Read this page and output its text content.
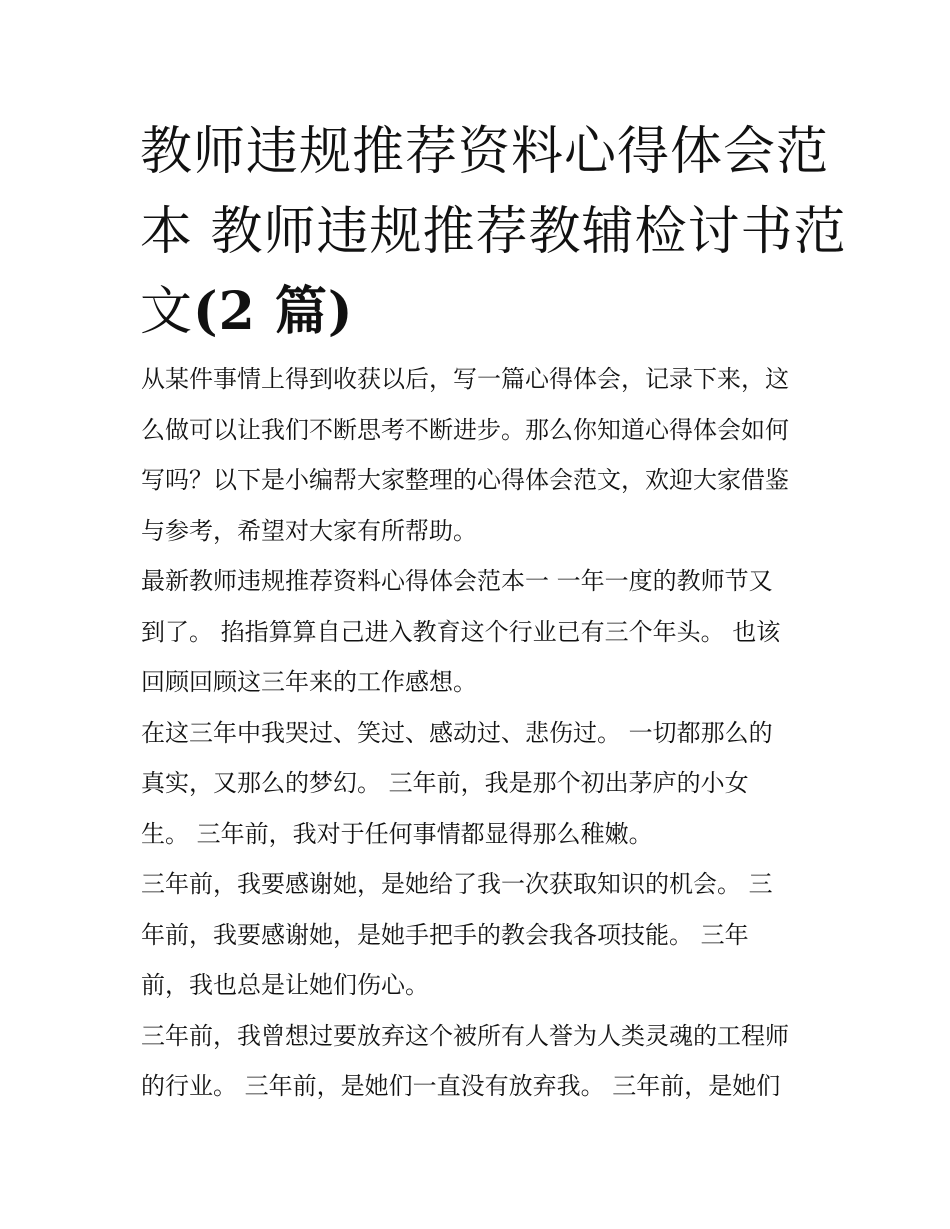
教师违规推荐资料心得体会范
本 教师违规推荐教辅检讨书范
文(2 篇)
从某件事情上得到收获以后，写一篇心得体会，记录下来，这
么做可以让我们不断思考不断进步。那么你知道心得体会如何
写吗？以下是小编帮大家整理的心得体会范文，欢迎大家借鉴
与参考，希望对大家有所帮助。
最新教师违规推荐资料心得体会范本一 一年一度的教师节又
到了。 掐指算算自己进入教育这个行业已有三个年头。 也该
回顾回顾这三年来的工作感想。
在这三年中我哭过、笑过、感动过、悲伤过。 一切都那么的
真实，又那么的梦幻。 三年前，我是那个初出茅庐的小女
生。 三年前，我对于任何事情都显得那么稚嫩。
三年前，我要感谢她，是她给了我一次获取知识的机会。 三
年前，我要感谢她，是她手把手的教会我各项技能。 三年
前，我也总是让她们伤心。
三年前，我曾想过要放弃这个被所有人誉为人类灵魂的工程师
的行业。 三年前，是她们一直没有放弃我。 三年前，是她们
